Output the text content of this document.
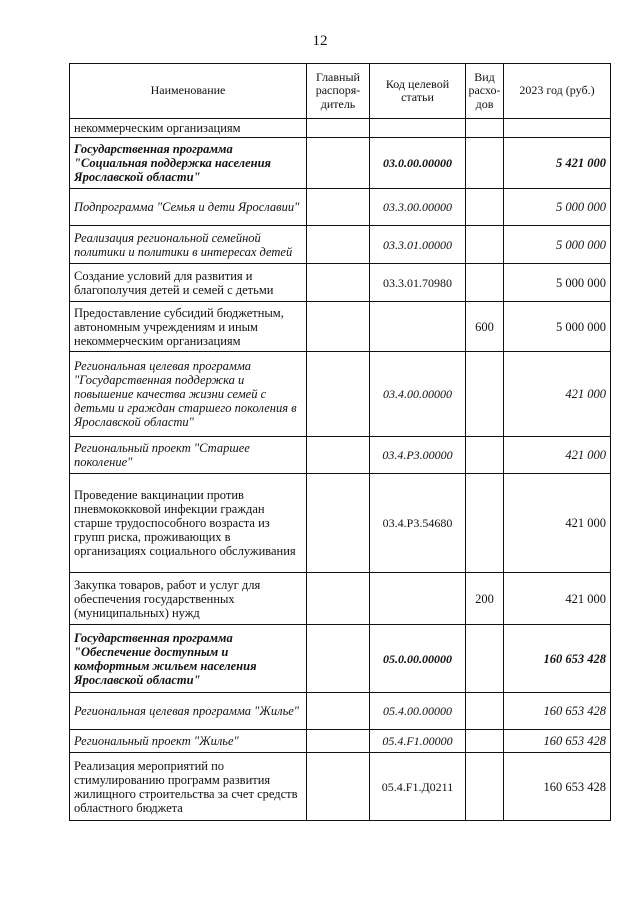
12
Наименование	Главный распоря-дитель	Код целевой статьи	Вид расхо-дов	2023 год (руб.)
некоммерческим организациям				
Государственная программа "Социальная поддержка населения Ярославской области"		03.0.00.00000		5 421 000
Подпрограмма "Семья и дети Ярославии"		03.3.00.00000		5 000 000
Реализация региональной семейной политики и политики в интересах детей		03.3.01.00000		5 000 000
Создание условий для развития и благополучия детей и семей с детьми		03.3.01.70980		5 000 000
Предоставление субсидий бюджетным, автономным учреждениям и иным некоммерческим организациям			600	5 000 000
Региональная целевая программа "Государственная поддержка и повышение качества жизни семей с детьми и граждан старшего поколения в Ярославской области"		03.4.00.00000		421 000
Региональный проект "Старшее поколение"		03.4.P3.00000		421 000
Проведение вакцинации против пневмококковой инфекции граждан старше трудоспособного возраста из групп риска, проживающих в организациях социального обслуживания		03.4.P3.54680		421 000
Закупка товаров, работ и услуг для обеспечения государственных (муниципальных) нужд			200	421 000
Государственная программа "Обеспечение доступным и комфортным жильем населения Ярославской области"		05.0.00.00000		160 653 428
Региональная целевая программа "Жилье"		05.4.00.00000		160 653 428
Региональный проект "Жилье"		05.4.F1.00000		160 653 428
Реализация мероприятий по стимулированию программ развития жилищного строительства за счет средств областного бюджета		05.4.F1.Д0211		160 653 428
